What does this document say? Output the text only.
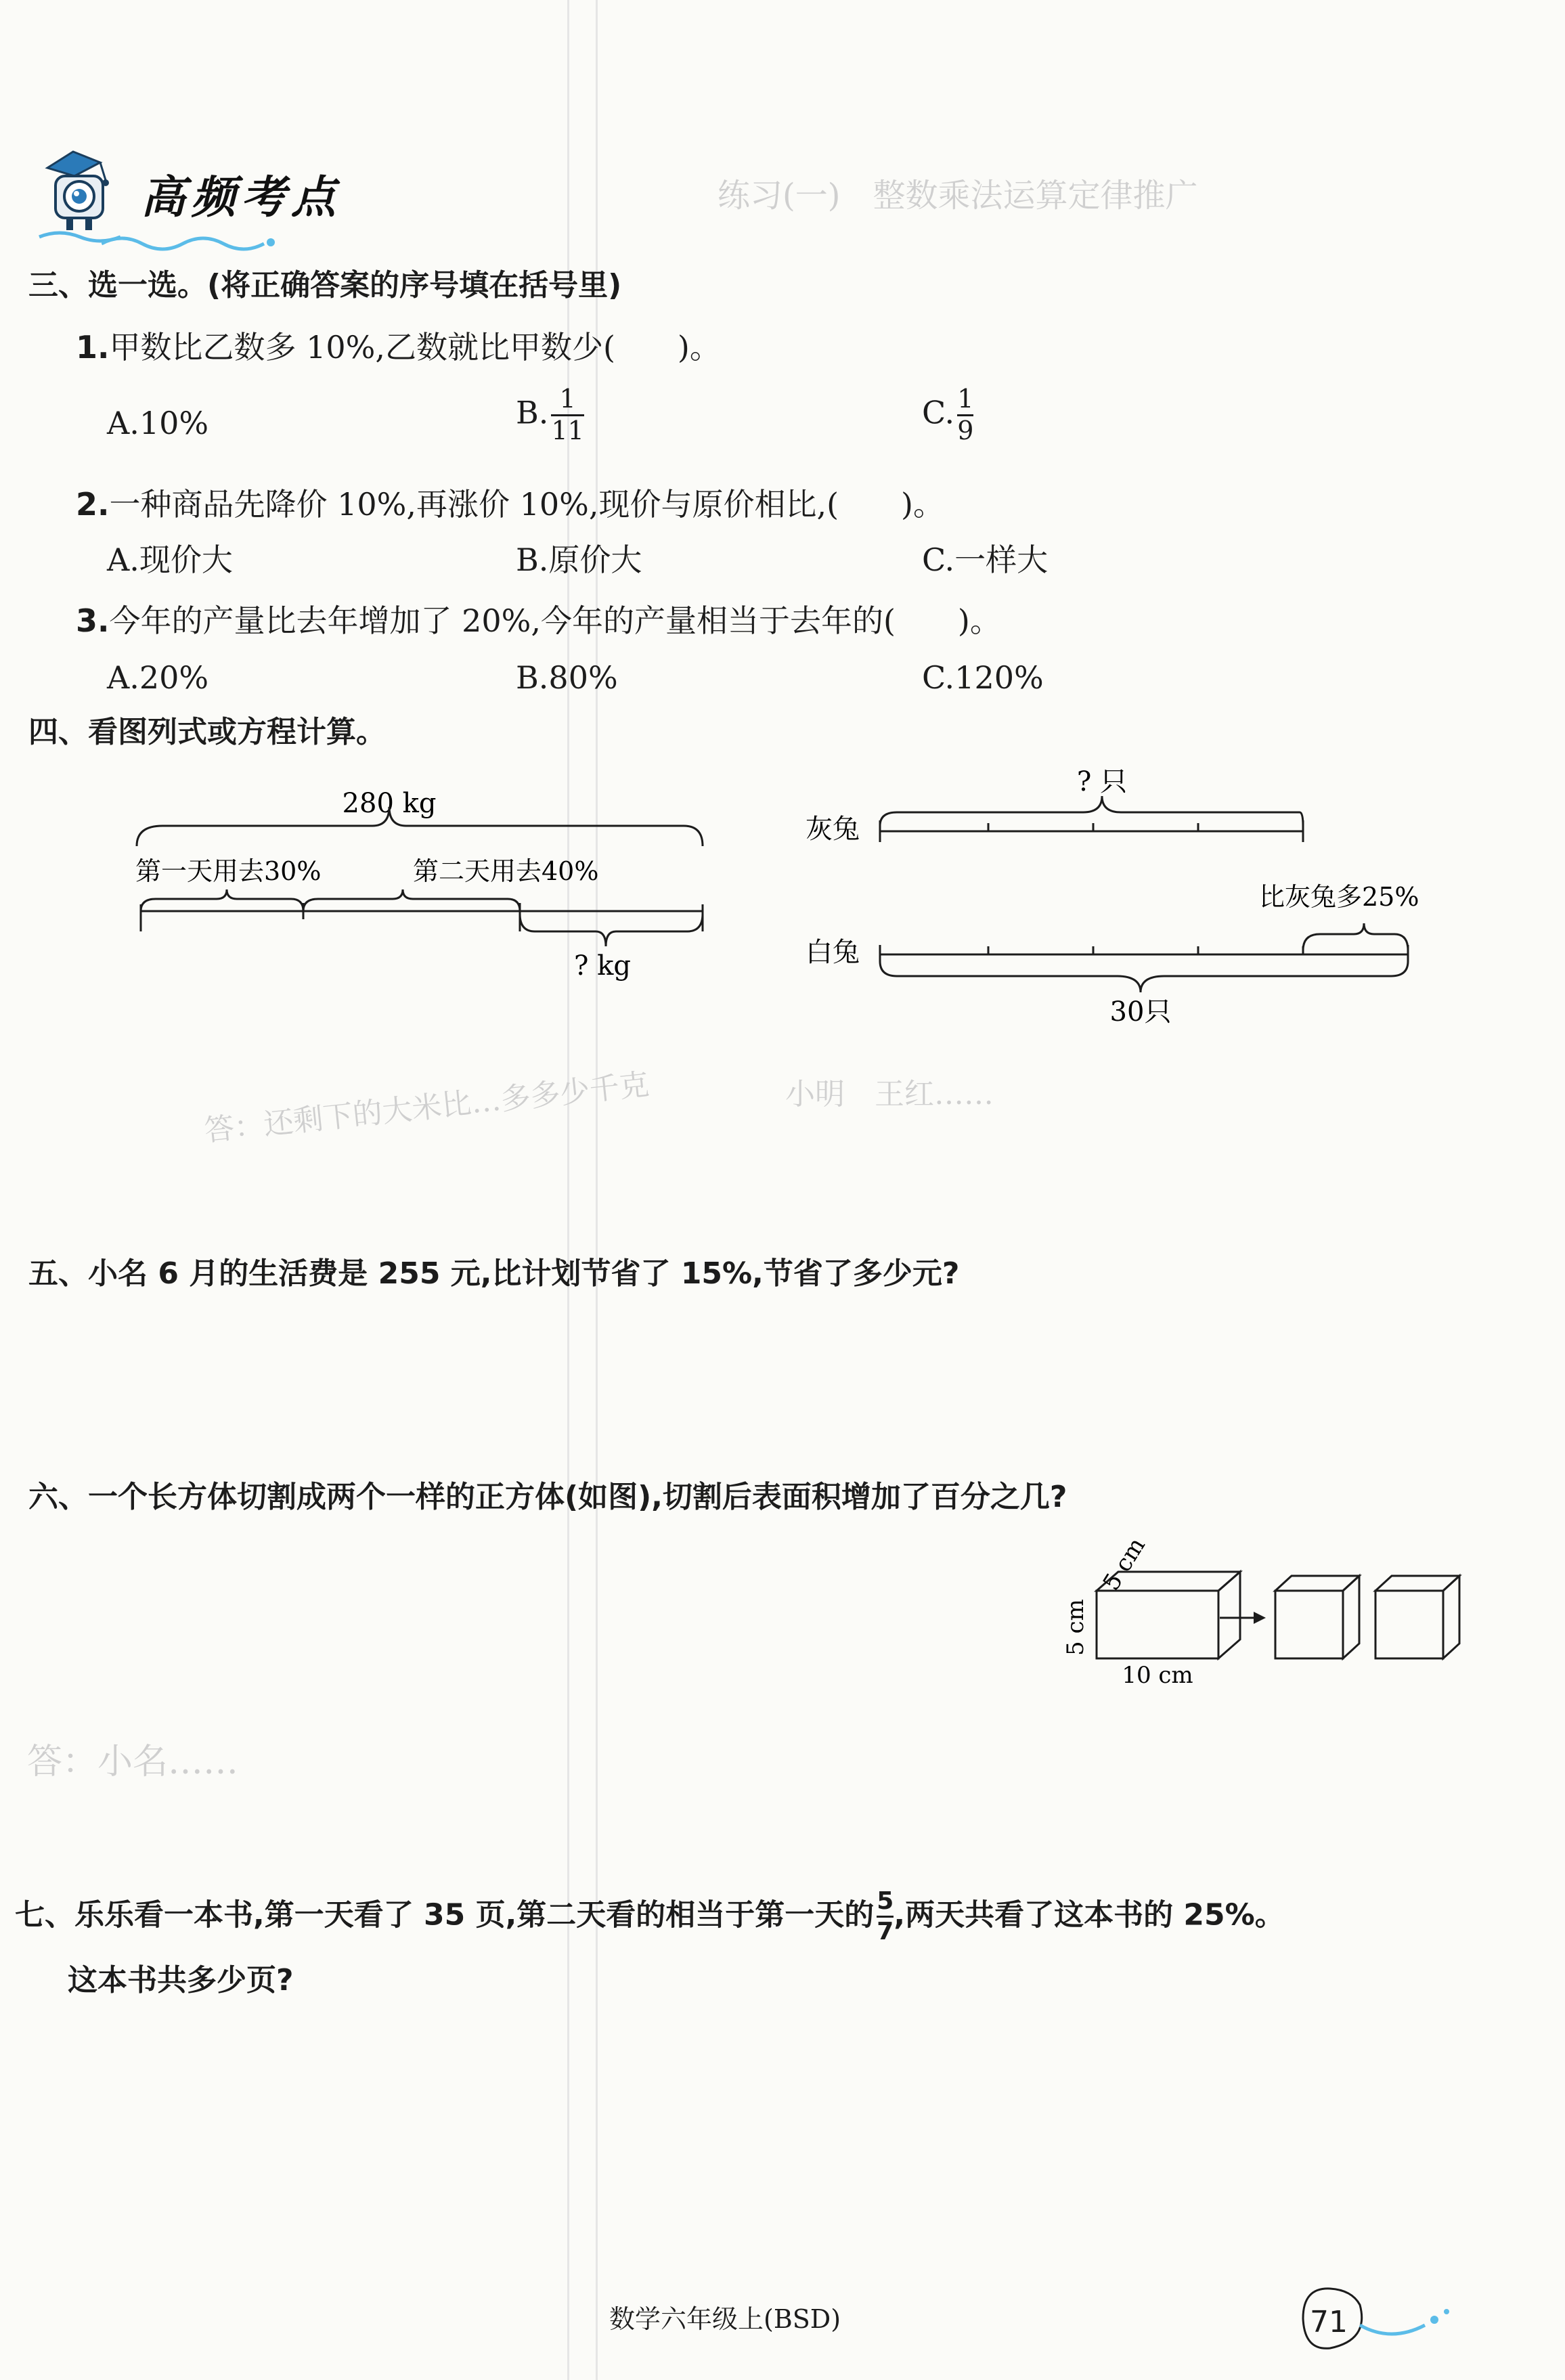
练习(一)　整数乘法运算定律推广
答：还剩下的大米比…多多少千克
答：小名……
小明　王红……
高频考点
三、选一选。(将正确答案的序号填在括号里)
1.甲数比乙数多 10%,乙数就比甲数少(　　)。
A.10%	B. $\frac{1}{11}$	C. $\frac{1}{9}$
2.一种商品先降价 10%,再涨价 10%,现价与原价相比,(　　)。
A.现价大	B.原价大	C.一样大
3.今年的产量比去年增加了 20%,今年的产量相当于去年的(　　)。
A.20%	B.80%	C.120%
四、看图列式或方程计算。
280 kg
第一天用去30%	第二天用去40%
? kg
? 只
灰兔
比灰兔多25%
白兔
30只
五、小名 6 月的生活费是 255 元,比计划节省了 15%,节省了多少元?
六、一个长方体切割成两个一样的正方体(如图),切割后表面积增加了百分之几?
5 cm
5 cm
10 cm
七、乐乐看一本书,第一天看了 35 页,第二天看的相当于第一天的 $\frac{5}{7}$ ,两天共看了这本书的 25%。
这本书共多少页?
数学六年级上(BSD)	71
